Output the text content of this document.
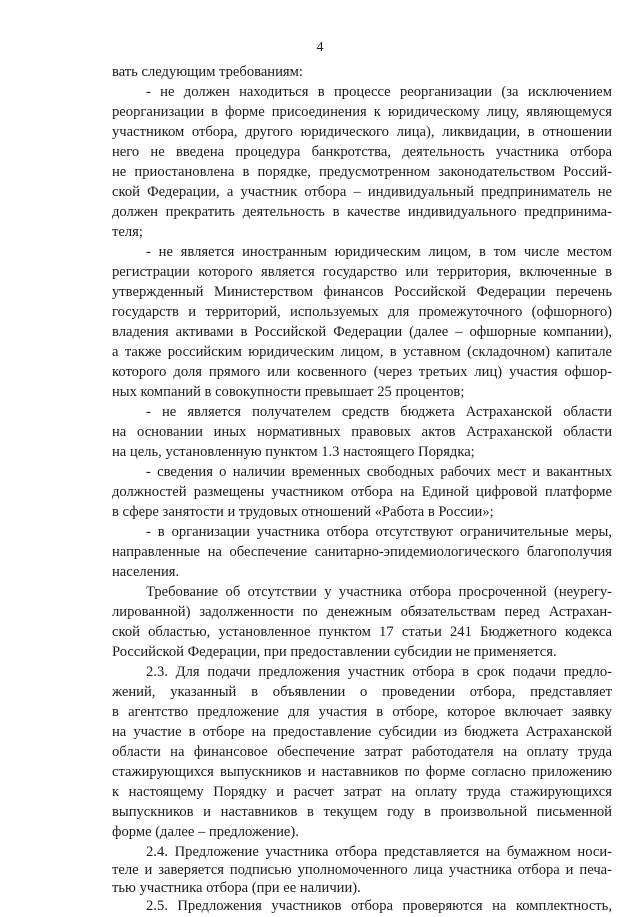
4
вать следующим требованиям:
- не должен находиться в процессе реорганизации (за исключением
реорганизации в форме присоединения к юридическому лицу, являющемуся
участником отбора, другого юридического лица), ликвидации, в отношении
него не введена процедура банкротства, деятельность участника отбора
не приостановлена в порядке, предусмотренном законодательством Россий-
ской Федерации, а участник отбора – индивидуальный предприниматель не
должен прекратить деятельность в качестве индивидуального предпринима-
теля;
- не является иностранным юридическим лицом, в том числе местом
регистрации которого является государство или территория, включенные в
утвержденный Министерством финансов Российской Федерации перечень
государств и территорий, используемых для промежуточного (офшорного)
владения активами в Российской Федерации (далее – офшорные компании),
а также российским юридическим лицом, в уставном (складочном) капитале
которого доля прямого или косвенного (через третьих лиц) участия офшор-
ных компаний в совокупности превышает 25 процентов;
- не является получателем средств бюджета Астраханской области
на основании иных нормативных правовых актов Астраханской области
на цель, установленную пунктом 1.3 настоящего Порядка;
- сведения о наличии временных свободных рабочих мест и вакантных
должностей размещены участником отбора на Единой цифровой платформе
в сфере занятости и трудовых отношений «Работа в России»;
- в организации участника отбора отсутствуют ограничительные меры,
направленные на обеспечение санитарно-эпидемиологического благополучия
населения.
Требование об отсутствии у участника отбора просроченной (неурегу-
лированной) задолженности по денежным обязательствам перед Астрахан-
ской областью, установленное пунктом 17 статьи 241 Бюджетного кодекса
Российской Федерации, при предоставлении субсидии не применяется.
2.3. Для подачи предложения участник отбора в срок подачи предло-
жений, указанный в объявлении о проведении отбора, представляет
в агентство предложение для участия в отборе, которое включает заявку
на участие в отборе на предоставление субсидии из бюджета Астраханской
области на финансовое обеспечение затрат работодателя на оплату труда
стажирующихся выпускников и наставников по форме согласно приложению
к настоящему Порядку и расчет затрат на оплату труда стажирующихся
выпускников и наставников в текущем году в произвольной письменной
форме (далее – предложение).
2.4. Предложение участника отбора представляется на бумажном носи-
теле и заверяется подписью уполномоченного лица участника отбора и печа-
тью участника отбора (при ее наличии).
2.5. Предложения участников отбора проверяются на комплектность,
